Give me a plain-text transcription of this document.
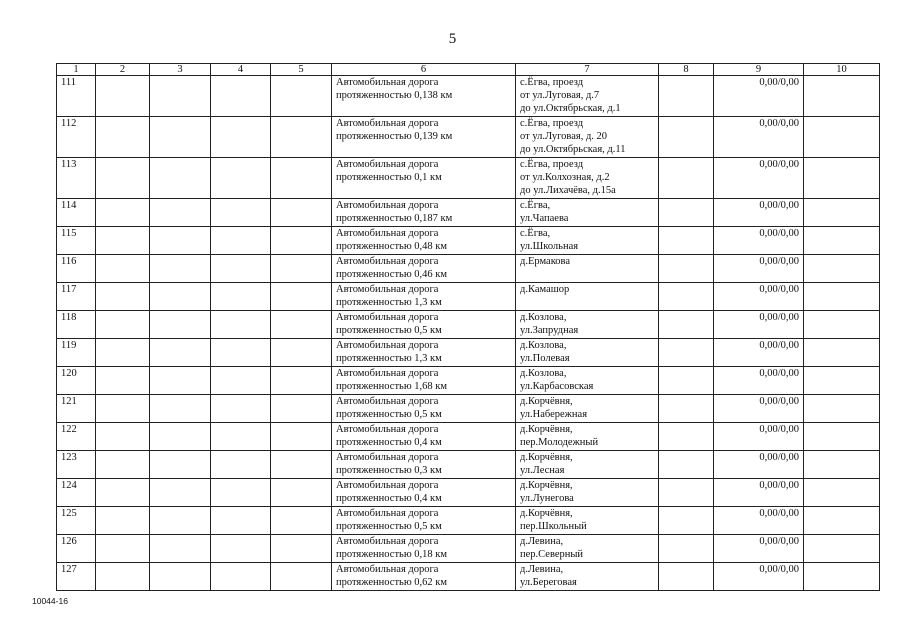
5
1	2	3	4	5	6	7	8	9	10
111					Автомобильная дорога
протяженностью 0,138 км	с.Ёгва, проезд
от ул.Луговая, д.7
до ул.Октябрьская, д.1		0,00/0,00	
112					Автомобильная дорога
протяженностью 0,139 км	с.Ёгва, проезд
от ул.Луговая, д. 20
до ул.Октябрьская, д.11		0,00/0,00	
113					Автомобильная дорога
протяженностью 0,1 км	с.Ёгва, проезд
от ул.Колхозная, д.2
до ул.Лихачёва, д.15а		0,00/0,00	
114					Автомобильная дорога
протяженностью 0,187 км	с.Ёгва,
ул.Чапаева		0,00/0,00	
115					Автомобильная дорога
протяженностью 0,48 км	с.Ёгва,
ул.Школьная		0,00/0,00	
116					Автомобильная дорога
протяженностью 0,46 км	д.Ермакова		0,00/0,00	
117					Автомобильная дорога
протяженностью 1,3 км	д.Камашор		0,00/0,00	
118					Автомобильная дорога
протяженностью 0,5 км	д.Козлова,
ул.Запрудная		0,00/0,00	
119					Автомобильная дорога
протяженностью 1,3 км	д.Козлова,
ул.Полевая		0,00/0,00	
120					Автомобильная дорога
протяженностью 1,68 км	д.Козлова,
ул.Карбасовская		0,00/0,00	
121					Автомобильная дорога
протяженностью 0,5 км	д.Корчёвня,
ул.Набережная		0,00/0,00	
122					Автомобильная дорога
протяженностью 0,4 км	д.Корчёвня,
пер.Молодежный		0,00/0,00	
123					Автомобильная дорога
протяженностью 0,3 км	д.Корчёвня,
ул.Лесная		0,00/0,00	
124					Автомобильная дорога
протяженностью 0,4 км	д.Корчёвня,
ул.Лунегова		0,00/0,00	
125					Автомобильная дорога
протяженностью 0,5 км	д.Корчёвня,
пер.Школьный		0,00/0,00	
126					Автомобильная дорога
протяженностью 0,18 км	д.Левина,
пер.Северный		0,00/0,00	
127					Автомобильная дорога
протяженностью 0,62 км	д.Левина,
ул.Береговая		0,00/0,00	
10044-16
